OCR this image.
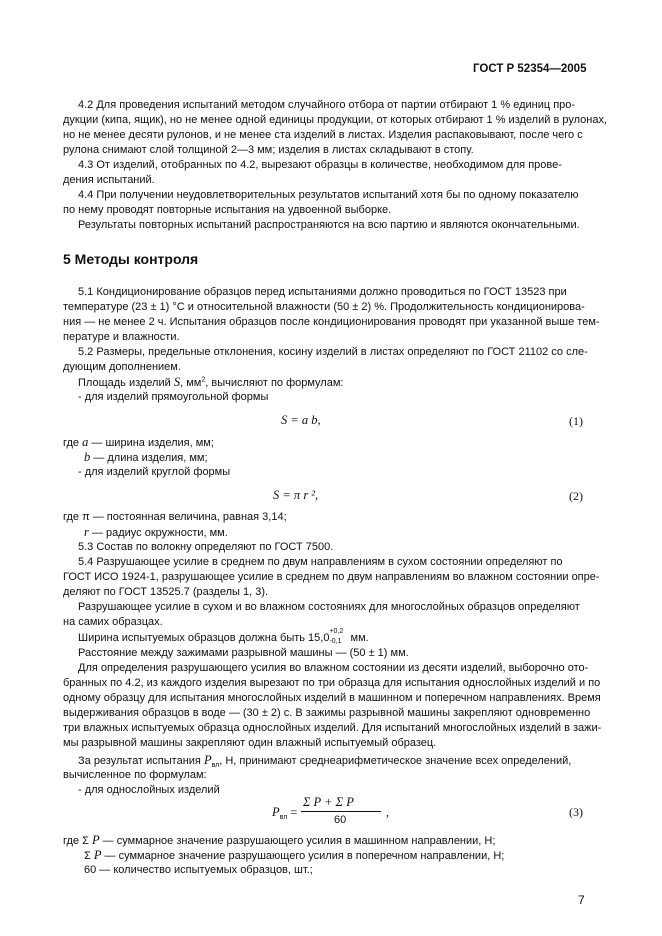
ГОСТ Р 52354—2005
4.2 Для проведения испытаний методом случайного отбора от партии отбирают 1 % единиц про-
дукции (кипа, ящик), но не менее одной единицы продукции, от которых отбирают 1 % изделий в рулонах,
но не менее десяти рулонов, и не менее ста изделий в листах. Изделия распаковывают, после чего с
рулона снимают слой толщиной 2—3 мм; изделия в листах складывают в стопу.
4.3 От изделий, отобранных по 4.2, вырезают образцы в количестве, необходимом для прове-
дения испытаний.
4.4 При получении неудовлетворительных результатов испытаний хотя бы по одному показателю
по нему проводят повторные испытания на удвоенной выборке.
Результаты повторных испытаний распространяются на всю партию и являются окончательными.
5 Методы контроля
5.1 Кондиционирование образцов перед испытаниями должно проводиться по ГОСТ 13523 при
температуре (23 ± 1) °С и относительной влажности (50 ± 2) %. Продолжительность кондиционирова-
ния — не менее 2 ч. Испытания образцов после кондиционирования проводят при указанной выше тем-
пературе и влажности.
5.2 Размеры, предельные отклонения, косину изделий в листах определяют по ГОСТ 21102 со сле-
дующим дополнением.
Площадь изделий S, $мм^2$, вычисляют по формулам:
- для изделий прямоугольной формы
S = a b,	(1)
где a — ширина изделия, мм;
b — длина изделия, мм;
- для изделий круглой формы
S = π r ²,	(2)
где π — постоянная величина, равная 3,14;
r — радиус окружности, мм.
5.3 Состав по волокну определяют по ГОСТ 7500.
5.4 Разрушающее усилие в среднем по двум направлениям в сухом состоянии определяют по
ГОСТ ИСО 1924-1, разрушающее усилие в среднем по двум направлениям во влажном состоянии опре-
деляют по ГОСТ 13525.7 (разделы 1, 3).
Разрушающее усилие в сухом и во влажном состояниях для многослойных образцов определяют
на самих образцах.
Ширина испытуемых образцов должна быть 15,0
+0,2
-0,1 мм.
Расстояние между зажимами разрывной машины — (50 ± 1) мм.
Для определения разрушающего усилия во влажном состоянии из десяти изделий, выборочно ото-
бранных по 4.2, из каждого изделия вырезают по три образца для испытания однослойных изделий и по
одному образцу для испытания многослойных изделий в машинном и поперечном направлениях. Время
выдерживания образцов в воде — (30 ± 2) с. В зажимы разрывной машины закрепляют одновременно
три влажных испытуемых образца однослойных изделий. Для испытаний многослойных изделий в зажи-
мы разрывной машины закрепляют один влажный испытуемый образец.
За результат испытания $P_{вл}$, Н, принимают среднеарифметическое значение всех определений,
вычисленное по формулам:
- для однослойных изделий
$P_{вл}$ =
Σ P + Σ P
60
,	(3)
где Σ P — суммарное значение разрушающего усилия в машинном направлении, Н;
Σ P — суммарное значение разрушающего усилия в поперечном направлении, Н;
60 — количество испытуемых образцов, шт.;
7
